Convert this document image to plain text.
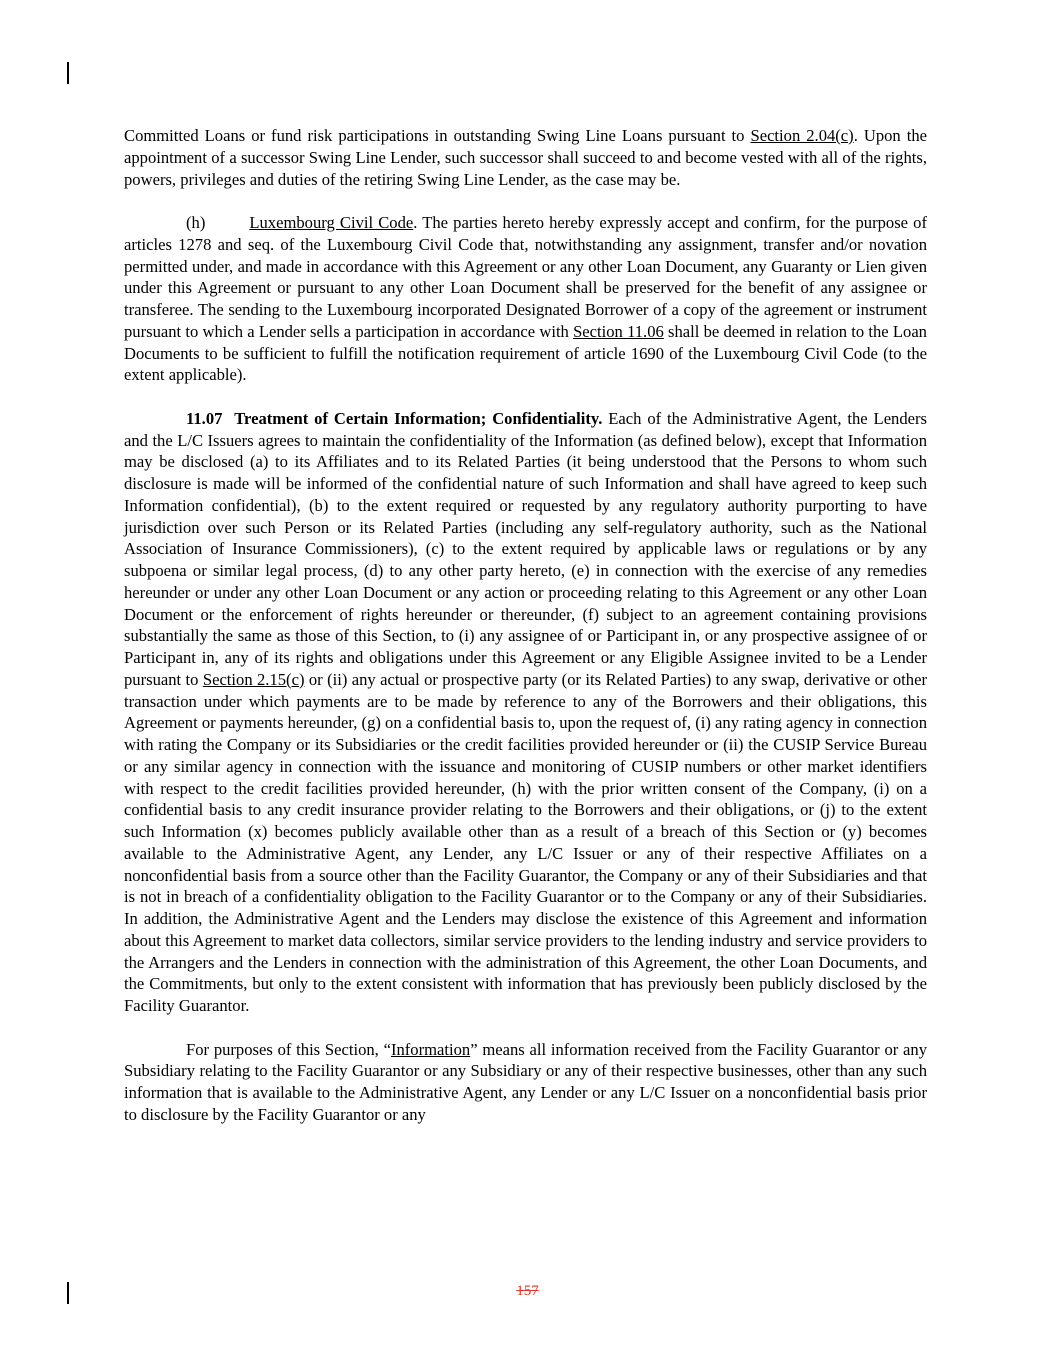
Committed Loans or fund risk participations in outstanding Swing Line Loans pursuant to Section 2.04(c). Upon the appointment of a successor Swing Line Lender, such successor shall succeed to and become vested with all of the rights, powers, privileges and duties of the retiring Swing Line Lender, as the case may be.

(h)	Luxembourg Civil Code. The parties hereto hereby expressly accept and confirm, for the purpose of articles 1278 and seq. of the Luxembourg Civil Code that, notwithstanding any assignment, transfer and/or novation permitted under, and made in accordance with this Agreement or any other Loan Document, any Guaranty or Lien given under this Agreement or pursuant to any other Loan Document shall be preserved for the benefit of any assignee or transferee. The sending to the Luxembourg incorporated Designated Borrower of a copy of the agreement or instrument pursuant to which a Lender sells a participation in accordance with Section 11.06 shall be deemed in relation to the Loan Documents to be sufficient to fulfill the notification requirement of article 1690 of the Luxembourg Civil Code (to the extent applicable).

11.07 Treatment of Certain Information; Confidentiality. Each of the Administrative Agent, the Lenders and the L/C Issuers agrees to maintain the confidentiality of the Information (as defined below), except that Information may be disclosed (a) to its Affiliates and to its Related Parties (it being understood that the Persons to whom such disclosure is made will be informed of the confidential nature of such Information and shall have agreed to keep such Information confidential), (b) to the extent required or requested by any regulatory authority purporting to have jurisdiction over such Person or its Related Parties (including any self-regulatory authority, such as the National Association of Insurance Commissioners), (c) to the extent required by applicable laws or regulations or by any subpoena or similar legal process, (d) to any other party hereto, (e) in connection with the exercise of any remedies hereunder or under any other Loan Document or any action or proceeding relating to this Agreement or any other Loan Document or the enforcement of rights hereunder or thereunder, (f) subject to an agreement containing provisions substantially the same as those of this Section, to (i) any assignee of or Participant in, or any prospective assignee of or Participant in, any of its rights and obligations under this Agreement or any Eligible Assignee invited to be a Lender pursuant to Section 2.15(c) or (ii) any actual or prospective party (or its Related Parties) to any swap, derivative or other transaction under which payments are to be made by reference to any of the Borrowers and their obligations, this Agreement or payments hereunder, (g) on a confidential basis to, upon the request of, (i) any rating agency in connection with rating the Company or its Subsidiaries or the credit facilities provided hereunder or (ii) the CUSIP Service Bureau or any similar agency in connection with the issuance and monitoring of CUSIP numbers or other market identifiers with respect to the credit facilities provided hereunder, (h) with the prior written consent of the Company, (i) on a confidential basis to any credit insurance provider relating to the Borrowers and their obligations, or (j) to the extent such Information (x) becomes publicly available other than as a result of a breach of this Section or (y) becomes available to the Administrative Agent, any Lender, any L/C Issuer or any of their respective Affiliates on a nonconfidential basis from a source other than the Facility Guarantor, the Company or any of their Subsidiaries and that is not in breach of a confidentiality obligation to the Facility Guarantor or to the Company or any of their Subsidiaries. In addition, the Administrative Agent and the Lenders may disclose the existence of this Agreement and information about this Agreement to market data collectors, similar service providers to the lending industry and service providers to the Arrangers and the Lenders in connection with the administration of this Agreement, the other Loan Documents, and the Commitments, but only to the extent consistent with information that has previously been publicly disclosed by the Facility Guarantor.

For purposes of this Section, “Information” means all information received from the Facility Guarantor or any Subsidiary relating to the Facility Guarantor or any Subsidiary or any of their respective businesses, other than any such information that is available to the Administrative Agent, any Lender or any L/C Issuer on a nonconfidential basis prior to disclosure by the Facility Guarantor or any

157
